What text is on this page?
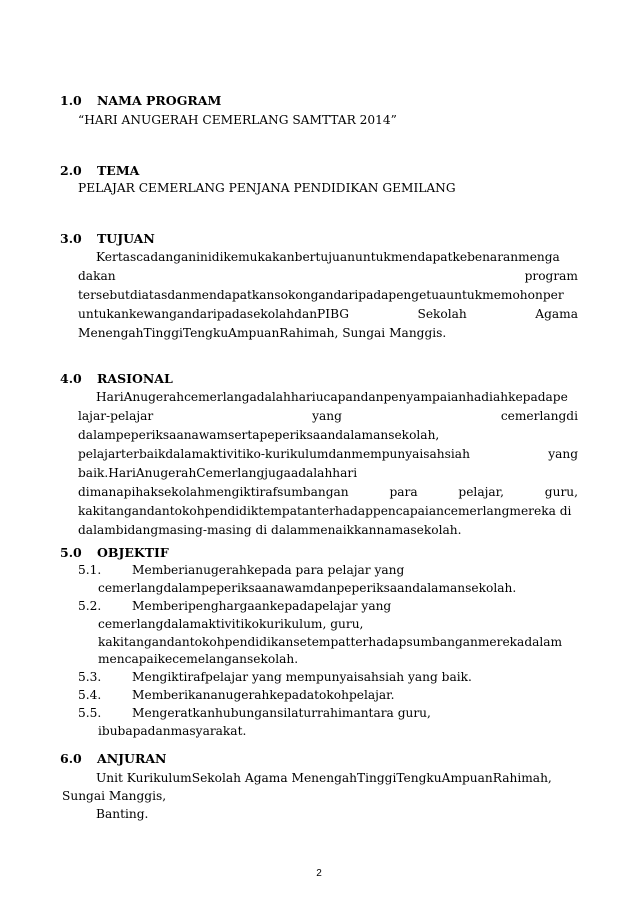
1.0 NAMA PROGRAM
“HARI ANUGERAH CEMERLANG SAMTTAR 2014”
2.0 TEMA
PELAJAR CEMERLANG PENJANA PENDIDIKAN GEMILANG
3.0 TUJUAN
Kertascadanganinidikemukakanbertujuanuntukmendapatkebenaranmenga
dakan	program
tersebutdiatasdanmendapatkansokongandaripadapengetuauntukmemohonper
untukankewangandaripadasekolahdanPIBG	Sekolah	Agama
MenengahTinggiTengkuAmpuanRahimah, Sungai Manggis.
4.0 RASIONAL
HariAnugerahcemerlangadalahhariucapandanpenyampaianhadiahkepadape
lajar-pelajar	yang	cemerlangdi
dalampeperiksaanawamsertapeperiksaandalamansekolah,
pelajarterbaikdalamaktivitiko-kurikulumdanmempunyaisahsiah	yang
baik.HariAnugerahCemerlangjugaadalahhari
dimanapihaksekolahmengiktirafsumbangan	para	pelajar,	guru,
kakitangandantokohpendidiktempatanterhadappencapaiancemerlangmereka di
dalambidangmasing-masing di dalammenaikkannamasekolah.
5.0 OBJEKTIF
5.1.	Memberianugerahkepada para pelajar yang
cemerlangdalampeperiksaanawamdanpeperiksaandalamansekolah.
5.2.	Memberipenghargaankepadapelajar yang
cemerlangdalamaktivitikokurikulum, guru,
kakitangandantokohpendidikansetempatterhadapsumbanganmerekadalam
mencapaikecemelangansekolah.
5.3.	Mengiktirafpelajar yang mempunyaisahsiah yang baik.
5.4.	Memberikananugerahkepadatokohpelajar.
5.5.	Mengeratkanhubungansilaturrahimantara guru,
ibubapadanmasyarakat.
6.0 ANJURAN
Unit KurikulumSekolah Agama MenengahTinggiTengkuAmpuanRahimah,
Sungai Manggis,
Banting.
2
